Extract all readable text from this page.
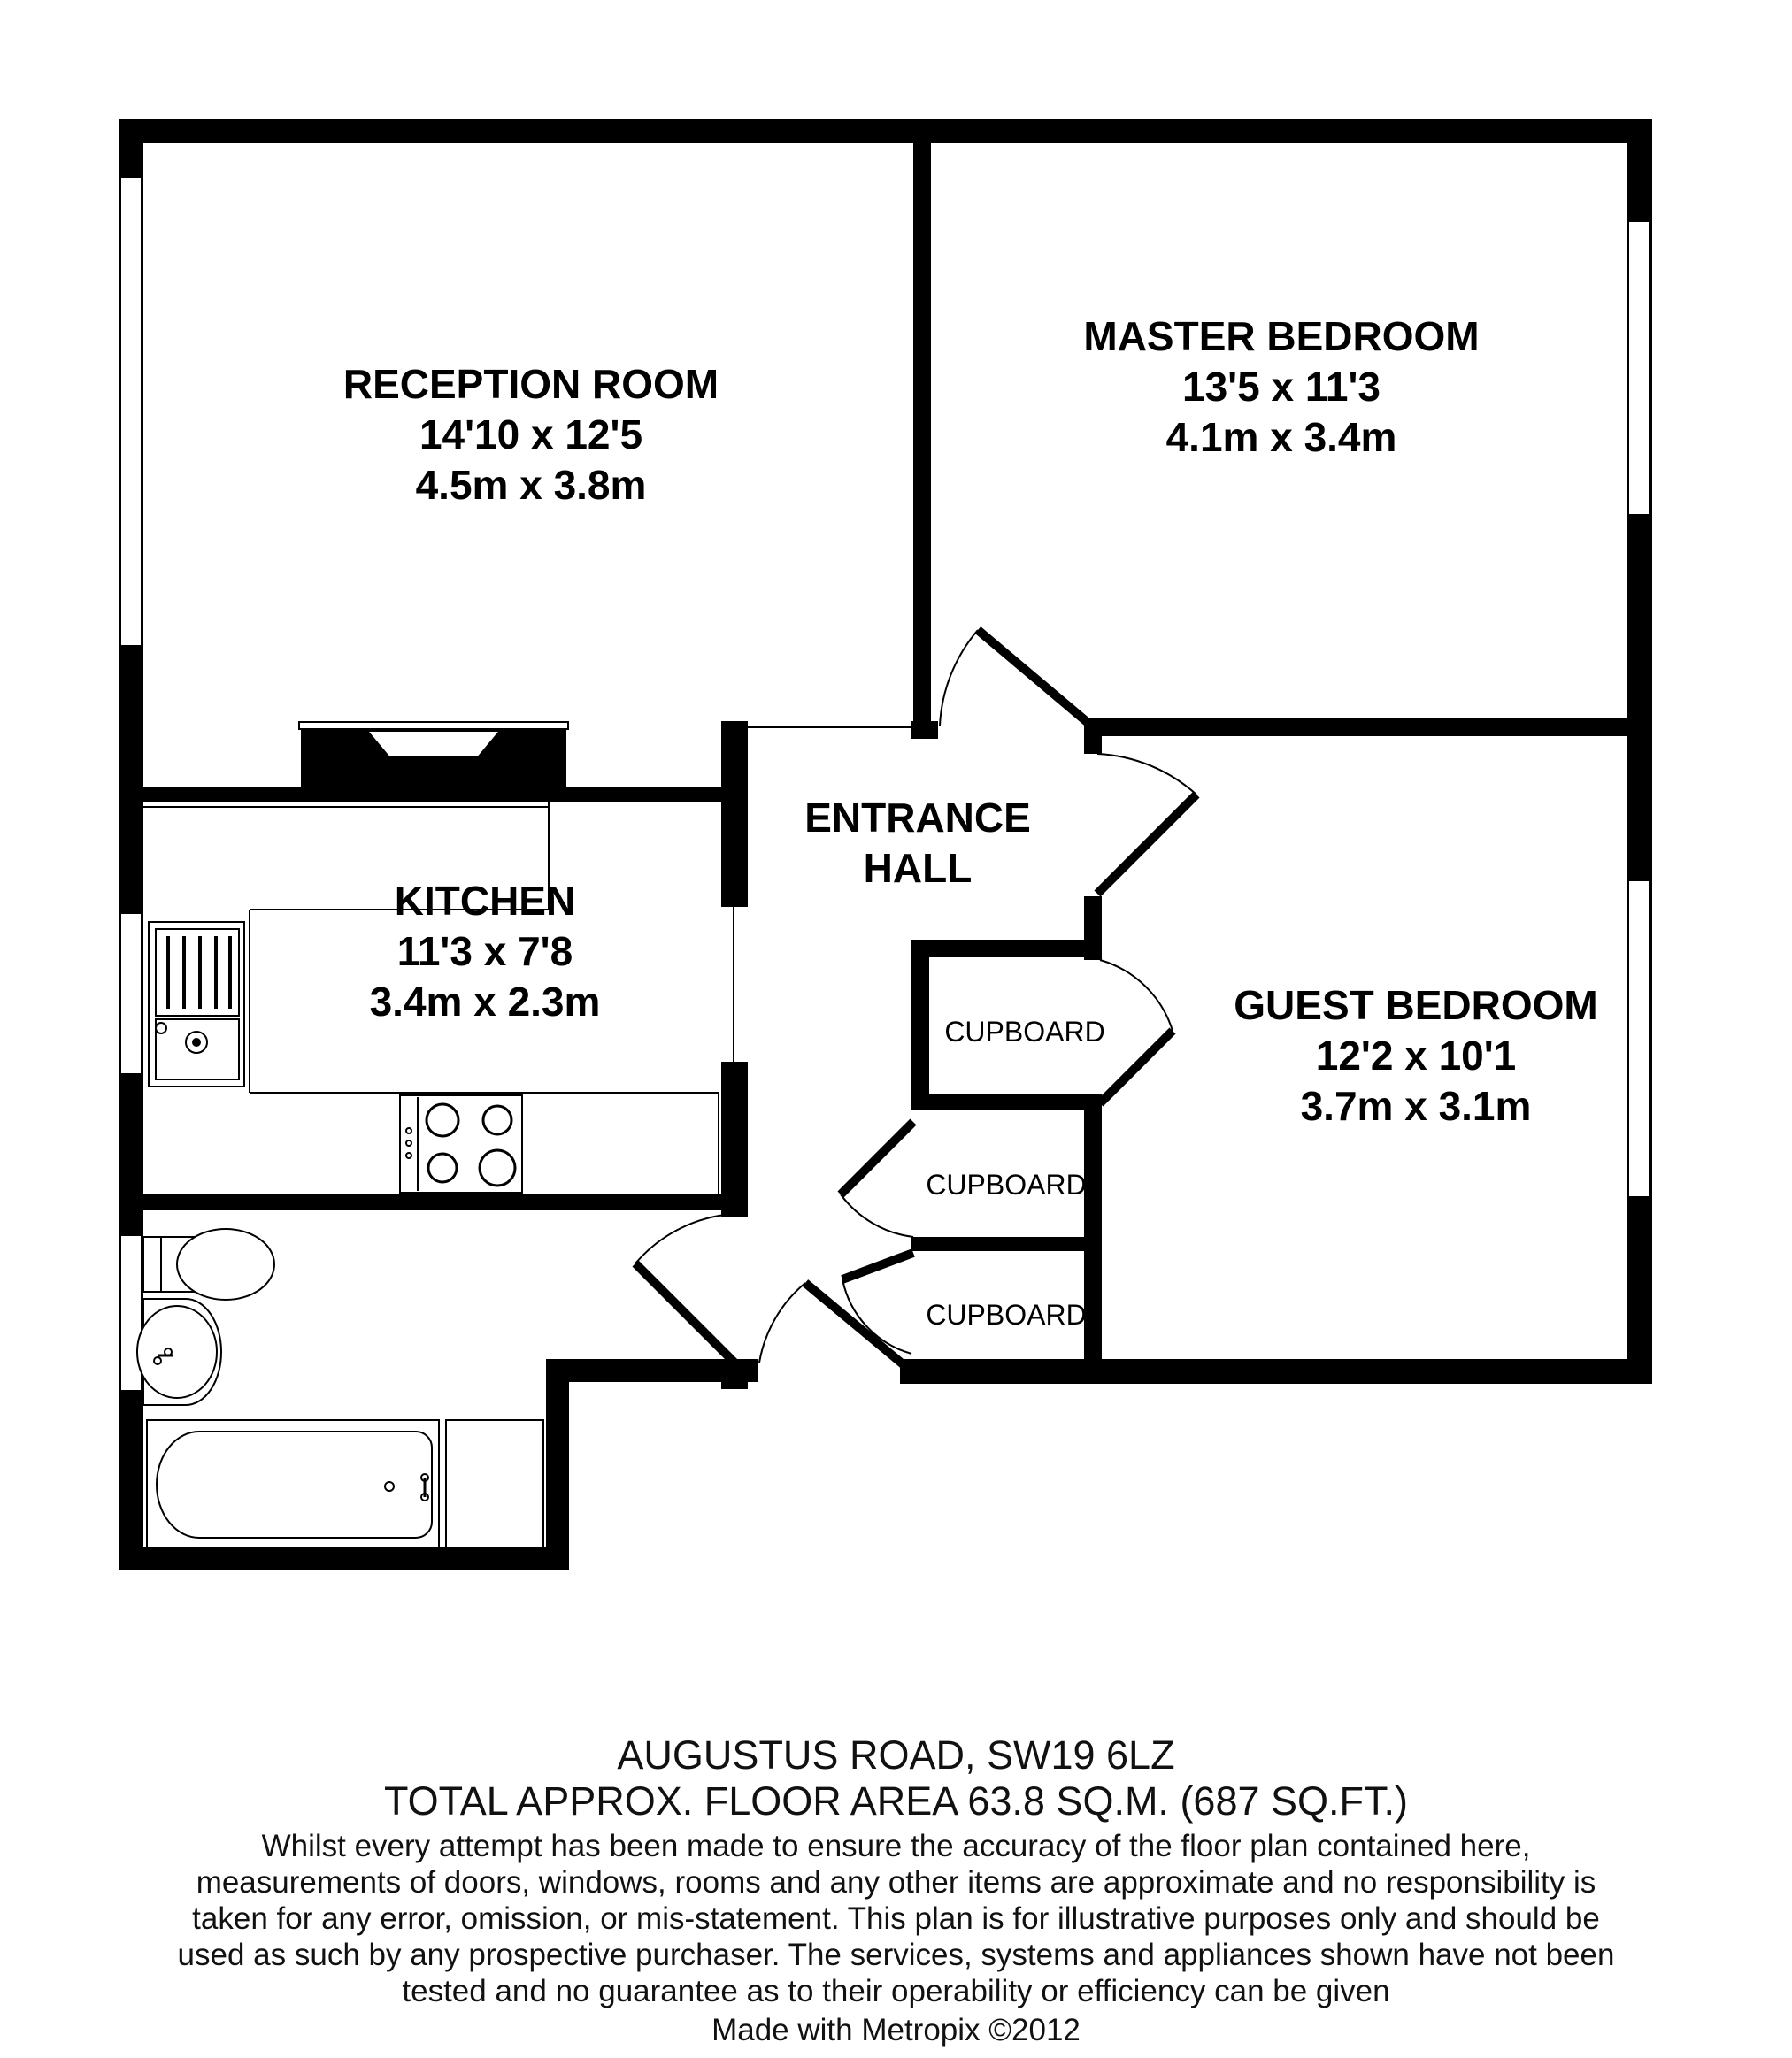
RECEPTION ROOM
14'10 x 12'5
4.5m x 3.8m
MASTER BEDROOM
13'5 x 11'3
4.1m x 3.4m
KITCHEN
11'3 x 7'8
3.4m x 2.3m
ENTRANCE
HALL
GUEST BEDROOM
12'2 x 10'1
3.7m x 3.1m
CUPBOARD
CUPBOARD
CUPBOARD
AUGUSTUS ROAD, SW19 6LZ
TOTAL APPROX. FLOOR AREA 63.8 SQ.M. (687 SQ.FT.)
Whilst every attempt has been made to ensure the accuracy of the floor plan contained here, measurements of doors, windows, rooms and any other items are approximate and no responsibility is taken for any error, omission, or mis-statement. This plan is for illustrative purposes only and should be used as such by any prospective purchaser. The services, systems and appliances shown have not been tested and no guarantee as to their operability or efficiency can be given
Made with Metropix ©2012
